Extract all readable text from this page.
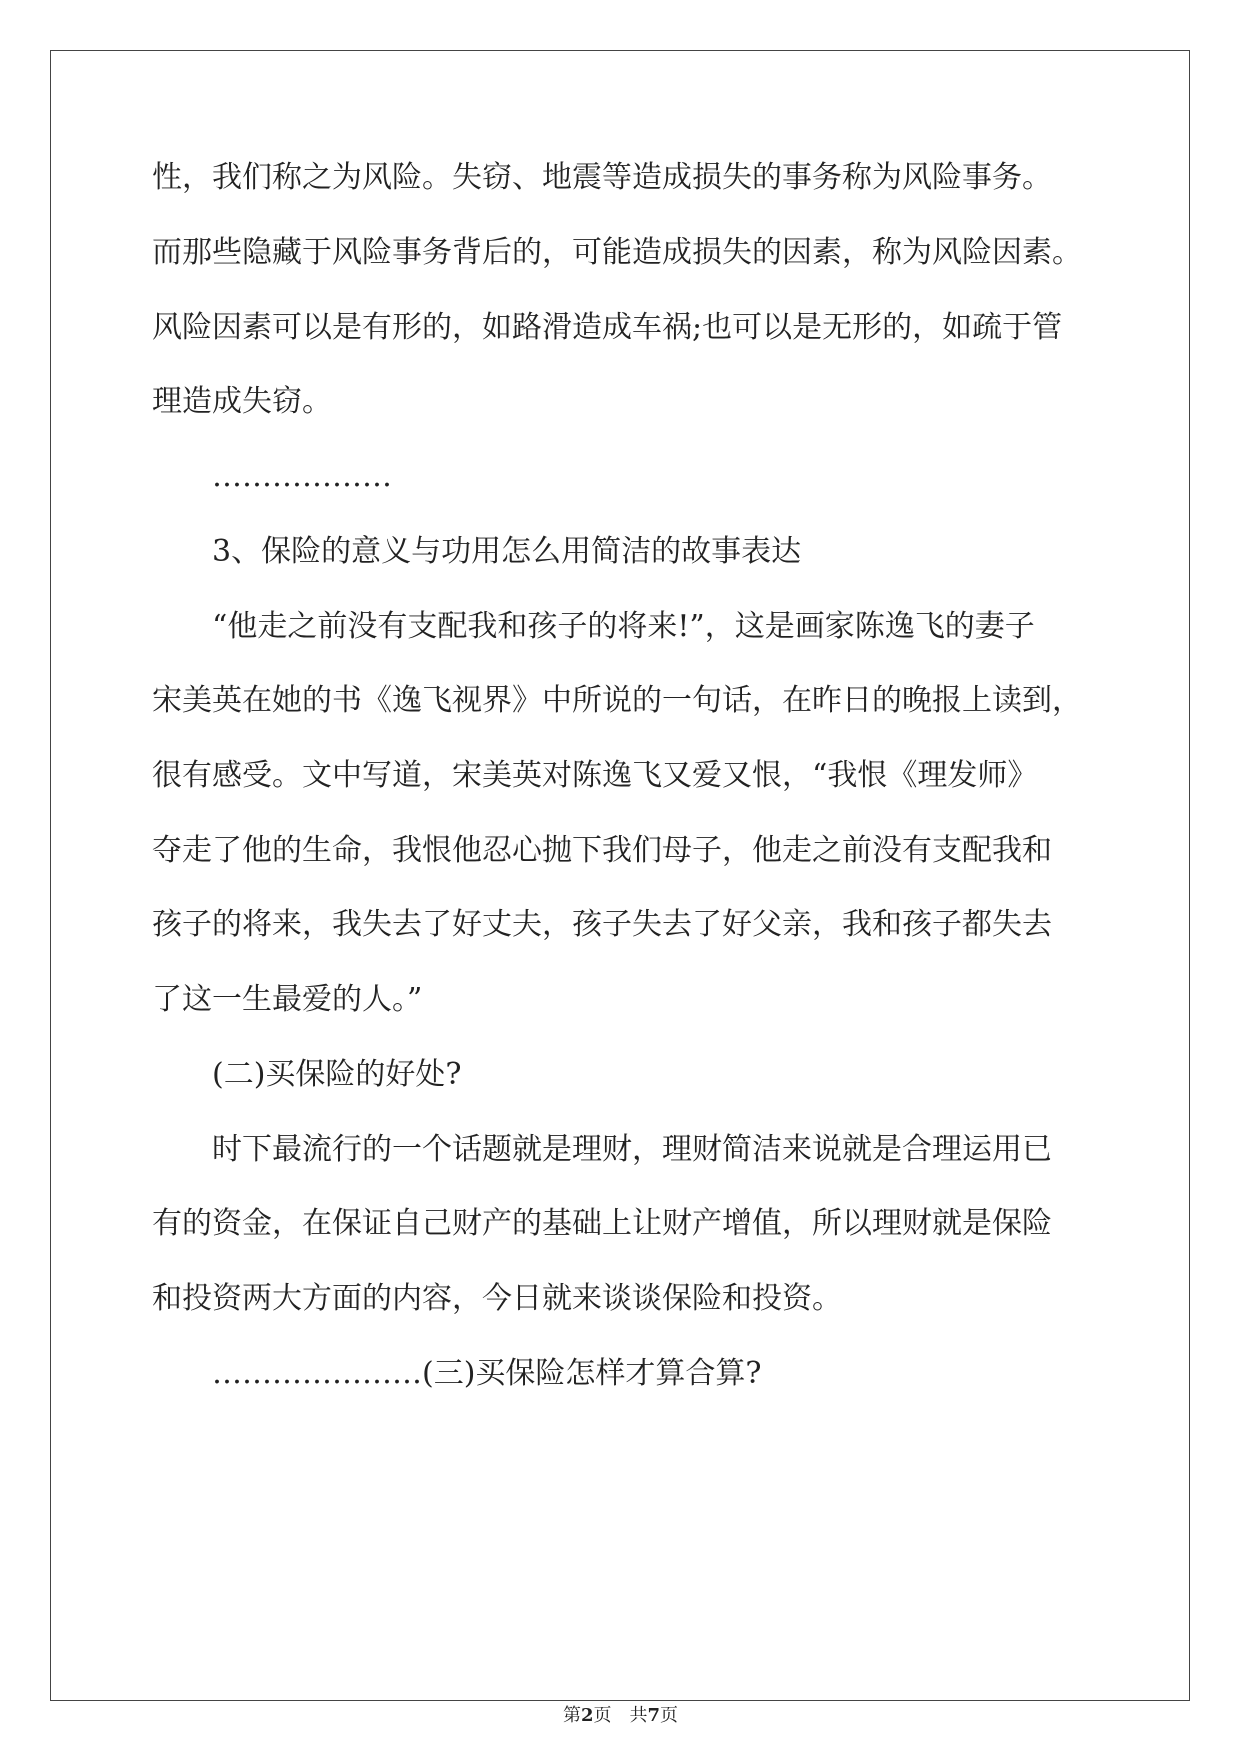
性，我们称之为风险。失窃、地震等造成损失的事务称为风险事务。
而那些隐藏于风险事务背后的，可能造成损失的因素，称为风险因素。
风险因素可以是有形的，如路滑造成车祸;也可以是无形的，如疏于管
理造成失窃。
………………
3、保险的意义与功用怎么用简洁的故事表达
“他走之前没有支配我和孩子的将来!”，这是画家陈逸飞的妻子
宋美英在她的书《逸飞视界》中所说的一句话，在昨日的晚报上读到，
很有感受。文中写道，宋美英对陈逸飞又爱又恨，“我恨《理发师》
夺走了他的生命，我恨他忍心抛下我们母子，他走之前没有支配我和
孩子的将来，我失去了好丈夫，孩子失去了好父亲，我和孩子都失去
了这一生最爱的人。”
(二)买保险的好处?
时下最流行的一个话题就是理财，理财简洁来说就是合理运用已
有的资金，在保证自己财产的基础上让财产增值，所以理财就是保险
和投资两大方面的内容，今日就来谈谈保险和投资。
…………………(三)买保险怎样才算合算?
第2页 共7页
